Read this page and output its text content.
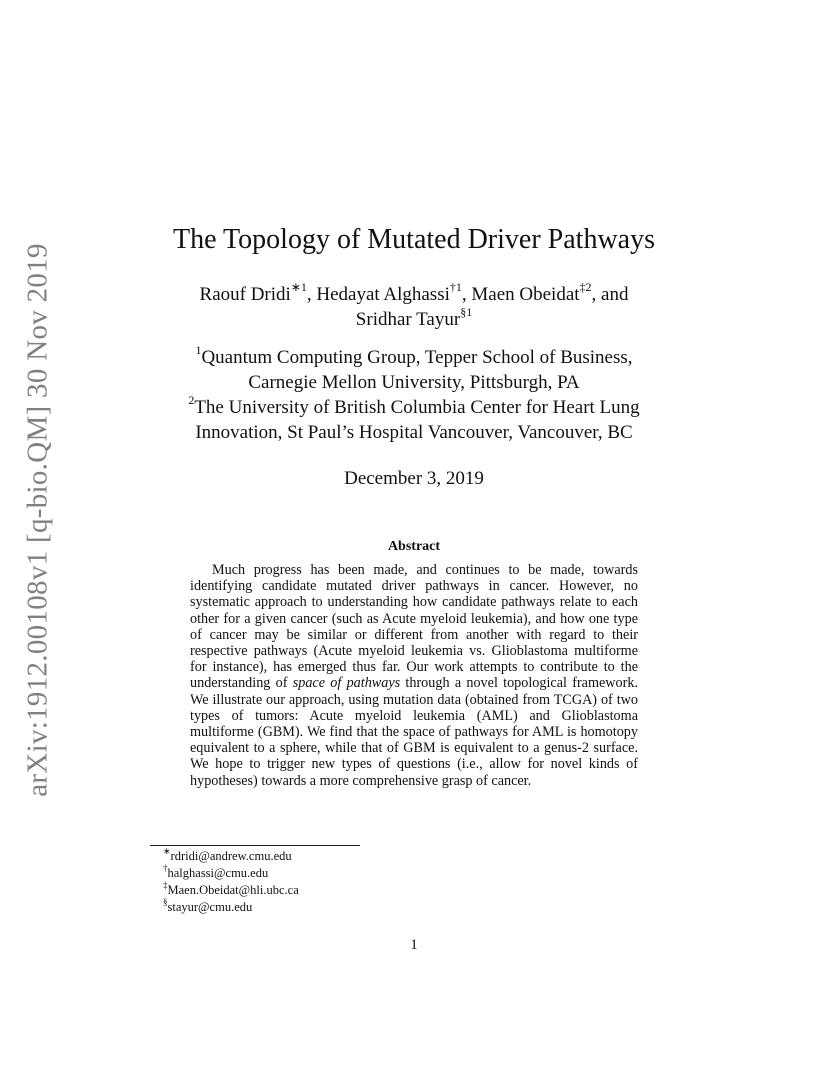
arXiv:1912.00108v1 [q-bio.QM] 30 Nov 2019
The Topology of Mutated Driver Pathways
Raouf Dridi$^{∗1}$, Hedayat Alghassi$^{\dagger 1}$, Maen Obeidat$^{\ddagger 2}$, and
Sridhar Tayur$^{\S 1}$
$^1$Quantum Computing Group, Tepper School of Business,
Carnegie Mellon University, Pittsburgh, PA
$^2$The University of British Columbia Center for Heart Lung
Innovation, St Paul’s Hospital Vancouver, Vancouver, BC
December 3, 2019
Abstract

Much progress has been made, and continues to be made, towards identifying candidate mutated driver pathways in cancer. However, no systematic approach to understanding how candidate pathways relate to each other for a given cancer (such as Acute myeloid leukemia), and how one type of cancer may be similar or different from another with regard to their respective pathways (Acute myeloid leukemia vs. Glioblastoma multiforme for instance), has emerged thus far. Our work attempts to contribute to the understanding of space of pathways through a novel topological framework. We illustrate our approach, using mutation data (obtained from TCGA) of two types of tumors: Acute myeloid leukemia (AML) and Glioblastoma multiforme (GBM). We find that the space of pathways for AML is homotopy equivalent to a sphere, while that of GBM is equivalent to a genus-2 surface. We hope to trigger new types of questions (i.e., allow for novel kinds of hypotheses) towards a more comprehensive grasp of cancer.

∗rdridi@andrew.cmu.edu
†halghassi@cmu.edu
‡Maen.Obeidat@hli.ubc.ca
§stayur@cmu.edu
1
